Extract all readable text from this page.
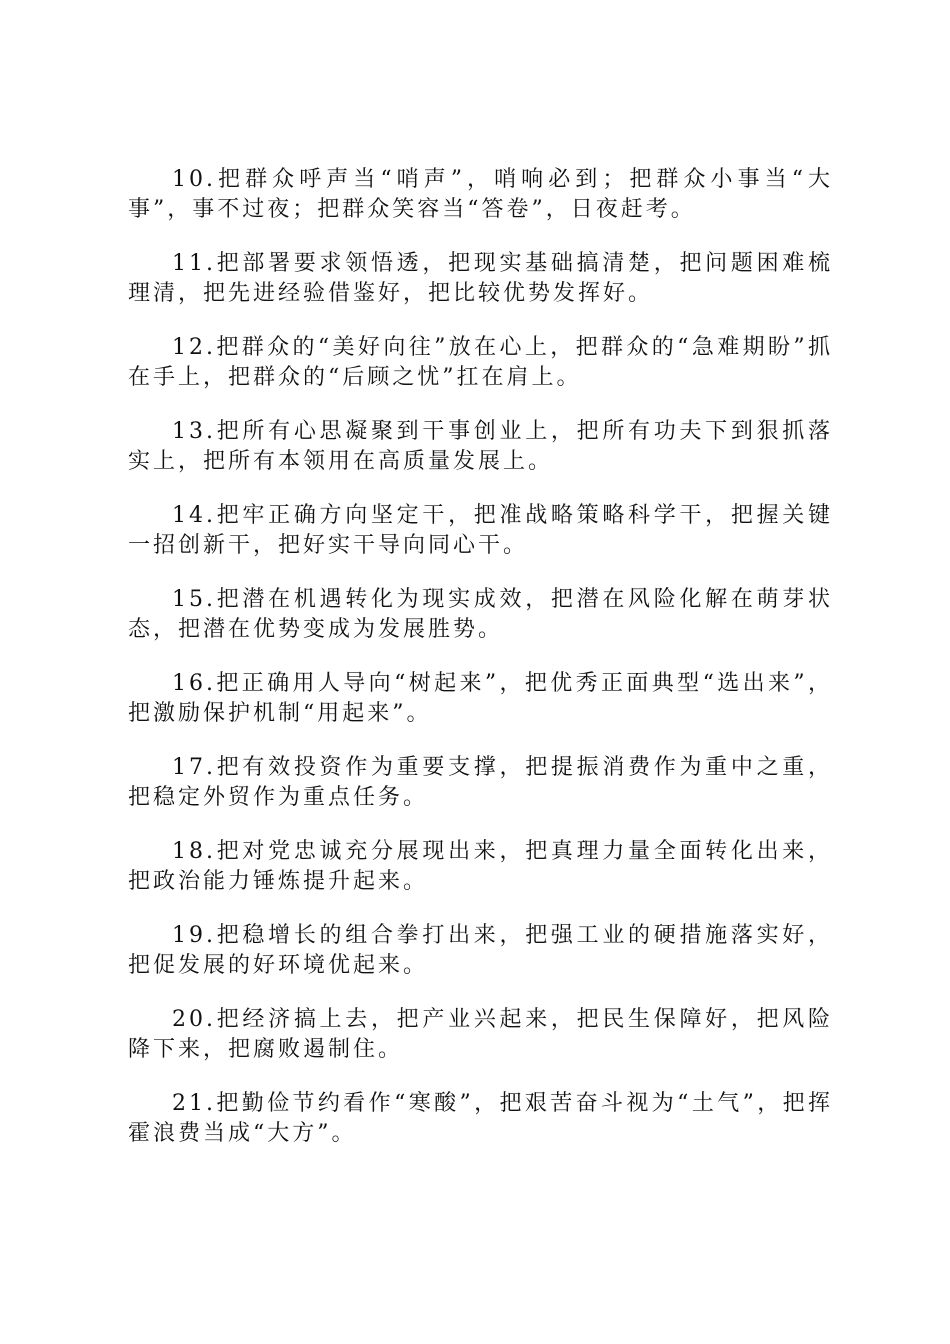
10.把群众呼声当“哨声”，哨响必到；把群众小事当“大事”，事不过夜；把群众笑容当“答卷”，日夜赶考。

11.把部署要求领悟透，把现实基础搞清楚，把问题困难梳理清，把先进经验借鉴好，把比较优势发挥好。

12.把群众的“美好向往”放在心上，把群众的“急难期盼”抓在手上，把群众的“后顾之忧”扛在肩上。

13.把所有心思凝聚到干事创业上，把所有功夫下到狠抓落实上，把所有本领用在高质量发展上。

14.把牢正确方向坚定干，把准战略策略科学干，把握关键一招创新干，把好实干导向同心干。

15.把潜在机遇转化为现实成效，把潜在风险化解在萌芽状态，把潜在优势变成为发展胜势。

16.把正确用人导向“树起来”，把优秀正面典型“选出来”，把激励保护机制“用起来”。

17.把有效投资作为重要支撑，把提振消费作为重中之重，把稳定外贸作为重点任务。

18.把对党忠诚充分展现出来，把真理力量全面转化出来，把政治能力锤炼提升起来。

19.把稳增长的组合拳打出来，把强工业的硬措施落实好，把促发展的好环境优起来。

20.把经济搞上去，把产业兴起来，把民生保障好，把风险降下来，把腐败遏制住。

21.把勤俭节约看作“寒酸”，把艰苦奋斗视为“土气”，把挥霍浪费当成“大方”。
